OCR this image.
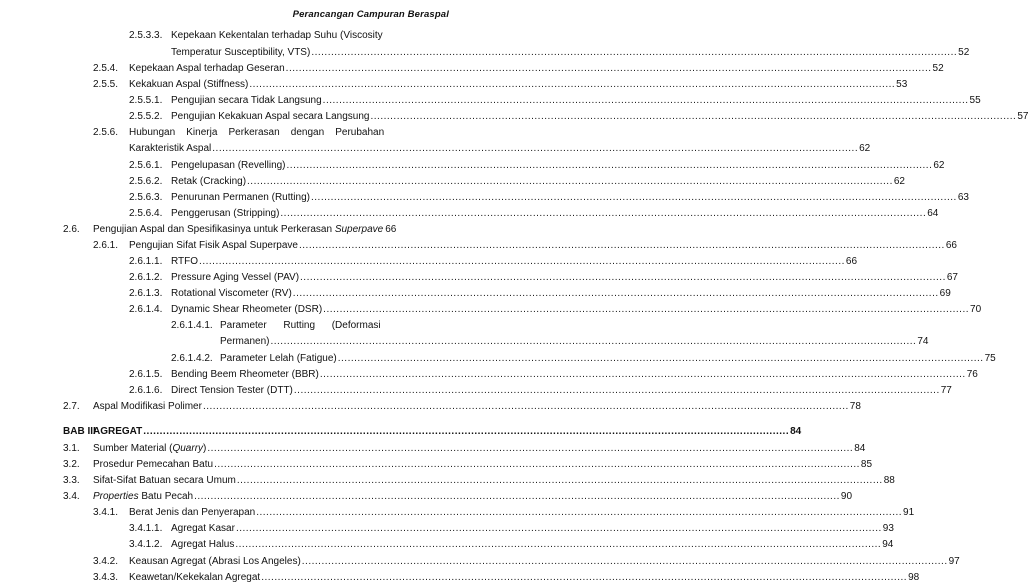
Perancangan Campuran Beraspal
2.5.3.3. Kepekaan Kekentalan terhadap Suhu (Viscosity
Temperatur Susceptibility, VTS) .....	52
2.5.4. Kepekaan Aspal terhadap Geseran .....	52
2.5.5. Kekakuan Aspal (Stiffness) .....	53
2.5.5.1. Pengujian secara Tidak Langsung .....	55
2.5.5.2. Pengujian Kekakuan Aspal secara Langsung .....	57
2.5.6. Hubungan    Kinerja    Perkerasan    dengan    Perubahan
Karakteristik Aspal .....	62
2.5.6.1. Pengelupasan (Revelling) .....	62
2.5.6.2. Retak (Cracking) .....	62
2.5.6.3. Penurunan Permanen (Rutting) .....	63
2.5.6.4. Penggerusan (Stripping) .....	64
2.6. Pengujian Aspal dan Spesifikasinya untuk Perkerasan Superpave 66
2.6.1. Pengujian Sifat Fisik Aspal Superpave .....	66
2.6.1.1. RTFO .....	66
2.6.1.2. Pressure Aging Vessel (PAV) .....	67
2.6.1.3. Rotational Viscometer (RV) .....	69
2.6.1.4. Dynamic Shear Rheometer (DSR) .....	70
2.6.1.4.1. Parameter      Rutting      (Deformasi
Permanen) .....	74
2.6.1.4.2. Parameter Lelah (Fatigue) .....	75
2.6.1.5. Bending Beem Rheometer (BBR) .....	76
2.6.1.6. Direct Tension Tester (DTT) .....	77
2.7. Aspal Modifikasi Polimer .....	78
BAB III
AGREGAT .....	84
3.1. Sumber Material (Quarry) .....	84
3.2. Prosedur Pemecahan Batu .....	85
3.3. Sifat-Sifat Batuan secara Umum .....	88
3.4. Properties Batu Pecah .....	90
3.4.1. Berat Jenis dan Penyerapan .....	91
3.4.1.1. Agregat Kasar .....	93
3.4.1.2. Agregat Halus .....	94
3.4.2. Keausan Agregat (Abrasi Los Angeles) .....	97
3.4.3. Keawetan/Kekekalan Agregat .....	98
